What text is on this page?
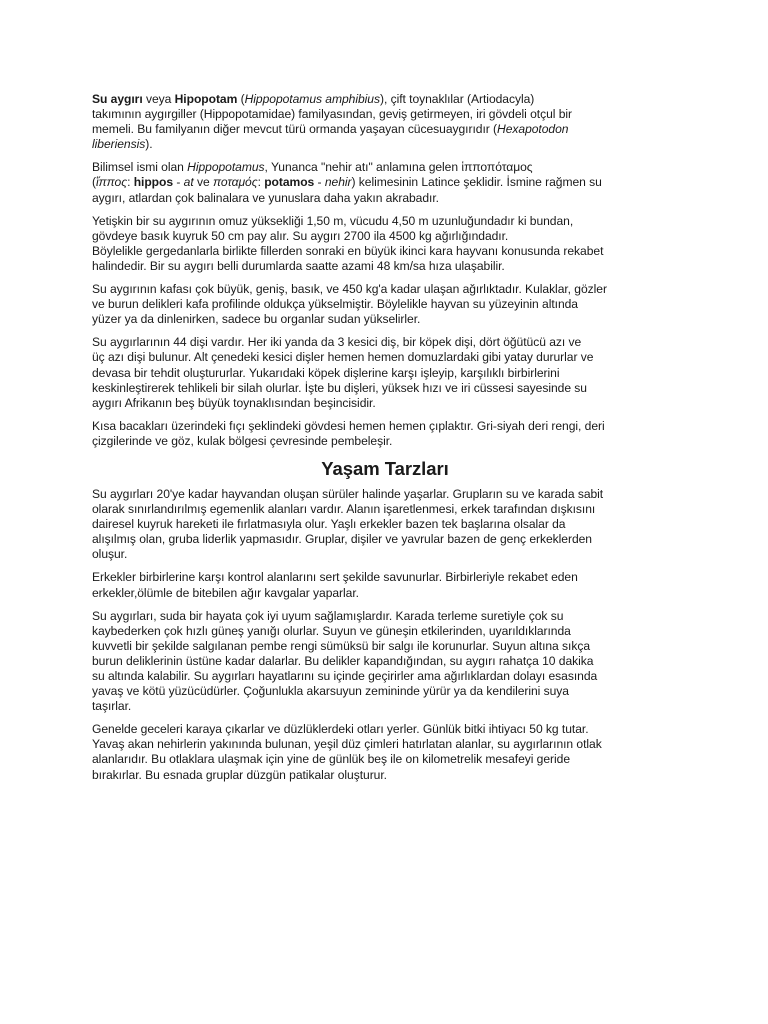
Su aygırı veya Hipopotam (Hippopotamus amphibius), çift toynaklılar (Artiodacyla)
takımının aygırgiller (Hippopotamidae) familyasından, geviş getirmeyen, iri gövdeli otçul bir
memeli. Bu familyanın diğer mevcut türü ormanda yaşayan cücesuaygırıdır (Hexapotodon
liberiensis).

Bilimsel ismi olan Hippopotamus, Yunanca "nehir atı" anlamına gelen ἱπποπόταμος
(ἵππος: hippos - at ve ποταμός: potamos - nehir) kelimesinin Latince şeklidir. İsmine rağmen su
aygırı, atlardan çok balinalara ve yunuslara daha yakın akrabadır.

Yetişkin bir su aygırının omuz yüksekliği 1,50 m, vücudu 4,50 m uzunluğundadır ki bundan,
gövdeye basık kuyruk 50 cm pay alır. Su aygırı 2700 ila 4500 kg ağırlığındadır.
Böylelikle gergedanlarla birlikte fillerden sonraki en büyük ikinci kara hayvanı konusunda rekabet
halindedir. Bir su aygırı belli durumlarda saatte azami 48 km/sa hıza ulaşabilir.

Su aygırının kafası çok büyük, geniş, basık, ve 450 kg'a kadar ulaşan ağırlıktadır. Kulaklar, gözler
ve burun delikleri kafa profilinde oldukça yükselmiştir. Böylelikle hayvan su yüzeyinin altında
yüzer ya da dinlenirken, sadece bu organlar sudan yükselirler.

Su aygırlarının 44 dişi vardır. Her iki yanda da 3 kesici diş, bir köpek dişi, dört öğütücü azı ve
üç azı dişi bulunur. Alt çenedeki kesici dişler hemen hemen domuzlardaki gibi yatay dururlar ve
devasa bir tehdit oluştururlar. Yukarıdaki köpek dişlerine karşı işleyip, karşılıklı birbirlerini
keskinleştirerek tehlikeli bir silah olurlar. İşte bu dişleri, yüksek hızı ve iri cüssesi sayesinde su
aygırı Afrikanın beş büyük toynaklısından beşincisidir.

Kısa bacakları üzerindeki fıçı şeklindeki gövdesi hemen hemen çıplaktır. Gri-siyah deri rengi, deri
çizgilerinde ve göz, kulak bölgesi çevresinde pembeleşir.

Yaşam Tarzları

Su aygırları 20'ye kadar hayvandan oluşan sürüler halinde yaşarlar. Grupların su ve karada sabit
olarak sınırlandırılmış egemenlik alanları vardır. Alanın işaretlenmesi, erkek tarafından dışkısını
dairesel kuyruk hareketi ile fırlatmasıyla olur. Yaşlı erkekler bazen tek başlarına olsalar da
alışılmış olan, gruba liderlik yapmasıdır. Gruplar, dişiler ve yavrular bazen de genç erkeklerden
oluşur.

Erkekler birbirlerine karşı kontrol alanlarını sert şekilde savunurlar. Birbirleriyle rekabet eden
erkekler,ölümle de bitebilen ağır kavgalar yaparlar.

Su aygırları, suda bir hayata çok iyi uyum sağlamışlardır. Karada terleme suretiyle çok su
kaybederken çok hızlı güneş yanığı olurlar. Suyun ve güneşin etkilerinden, uyarıldıklarında
kuvvetli bir şekilde salgılanan pembe rengi sümüksü bir salgı ile korunurlar. Suyun altına sıkça
burun deliklerinin üstüne kadar dalarlar. Bu delikler kapandığından, su aygırı rahatça 10 dakika
su altında kalabilir. Su aygırları hayatlarını su içinde geçirirler ama ağırlıklardan dolayı esasında
yavaş ve kötü yüzücüdürler. Çoğunlukla akarsuyun zemininde yürür ya da kendilerini suya
taşırlar.

Genelde geceleri karaya çıkarlar ve düzlüklerdeki otları yerler. Günlük bitki ihtiyacı 50 kg tutar.
Yavaş akan nehirlerin yakınında bulunan, yeşil düz çimleri hatırlatan alanlar, su aygırlarının otlak
alanlarıdır. Bu otlaklara ulaşmak için yine de günlük beş ile on kilometrelik mesafeyi geride
bırakırlar. Bu esnada gruplar düzgün patikalar oluşturur.
